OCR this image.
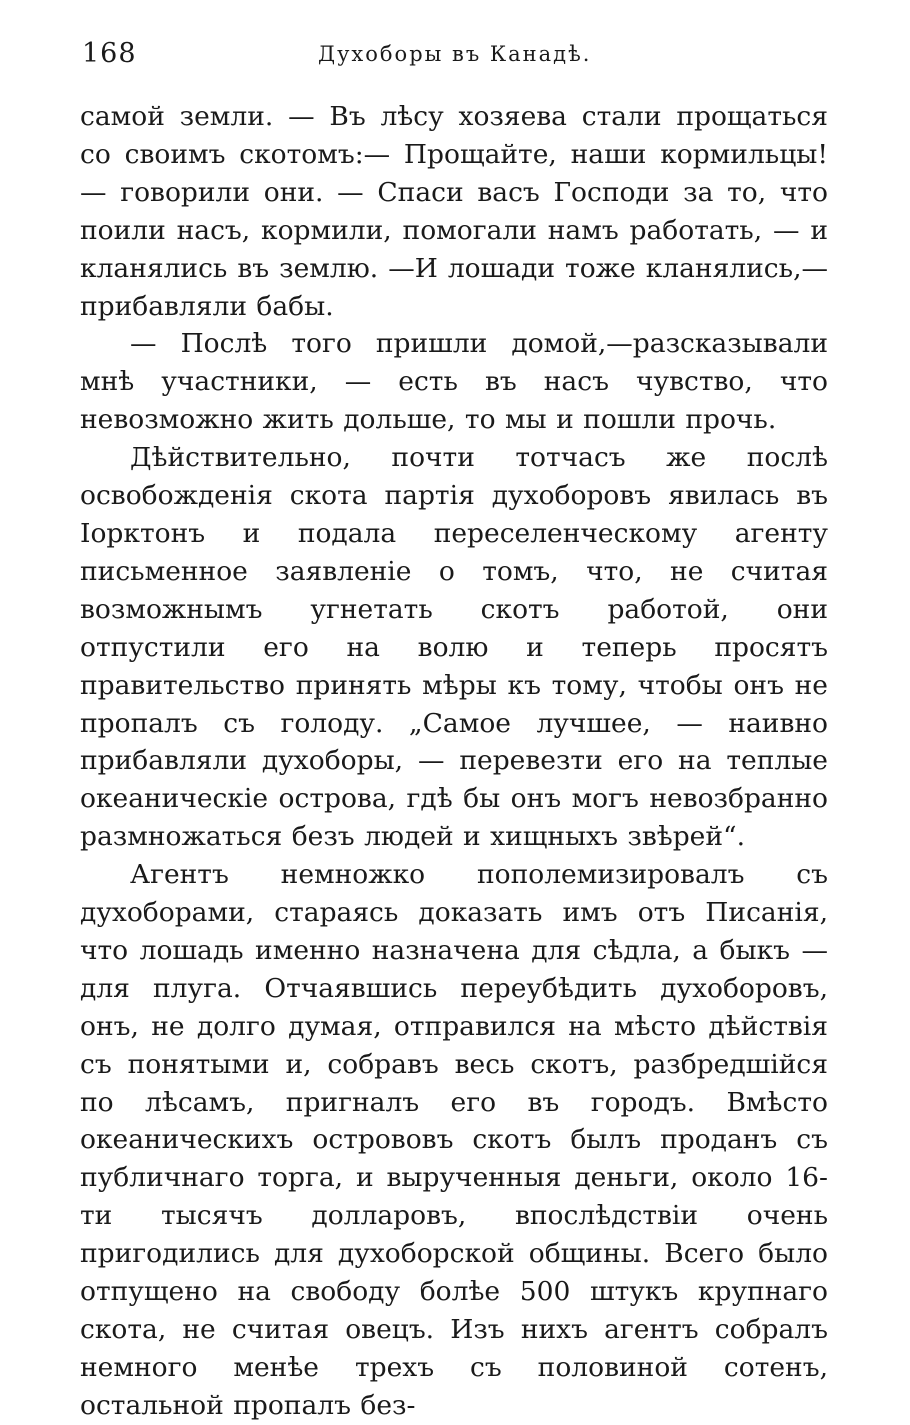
168	Духоборы въ Канадѣ.

самой земли. — Въ лѣсу хозяева стали прощаться со своимъ скотомъ:— Прощайте, наши кормильцы! — говорили они. — Спаси васъ Господи за то, что поили насъ, кормили, помогали намъ работать, — и кланялись въ землю. —И лошади тоже кланялись,— прибавляли бабы.

— Послѣ того пришли домой,—разсказывали мнѣ участники, — есть въ насъ чувство, что невозможно жить дольше, то мы и пошли прочь.

Дѣйствительно, почти тотчасъ же послѣ освобожденія скота партія духоборовъ явилась въ Іорктонъ и подала переселенческому агенту письменное заявленіе о томъ, что, не считая возможнымъ угнетать скотъ работой, они отпустили его на волю и теперь просятъ правительство принять мѣры къ тому, чтобы онъ не пропалъ съ голоду. „Самое лучшее, — наивно прибавляли духоборы, — перевезти его на теплые океаническіе острова, гдѣ бы онъ могъ невозбранно размножаться безъ людей и хищныхъ звѣрей“.

Агентъ немножко пополемизировалъ съ духоборами, стараясь доказать имъ отъ Писанія, что лошадь именно назначена для сѣдла, а быкъ — для плуга. Отчаявшись переубѣдить духоборовъ, онъ, не долго думая, отправился на мѣсто дѣйствія съ понятыми и, собравъ весь скотъ, разбредшійся по лѣсамъ, пригналъ его въ городъ. Вмѣсто океаническихъ острововъ скотъ былъ проданъ съ публичнаго торга, и вырученныя деньги, около 16-ти тысячъ долларовъ, впослѣдствіи очень пригодились для духоборской общины. Всего было отпущено на свободу болѣе 500 штукъ крупнаго скота, не считая овецъ. Изъ нихъ агентъ собралъ немного менѣе трехъ съ половиной сотенъ, остальной пропалъ без-
